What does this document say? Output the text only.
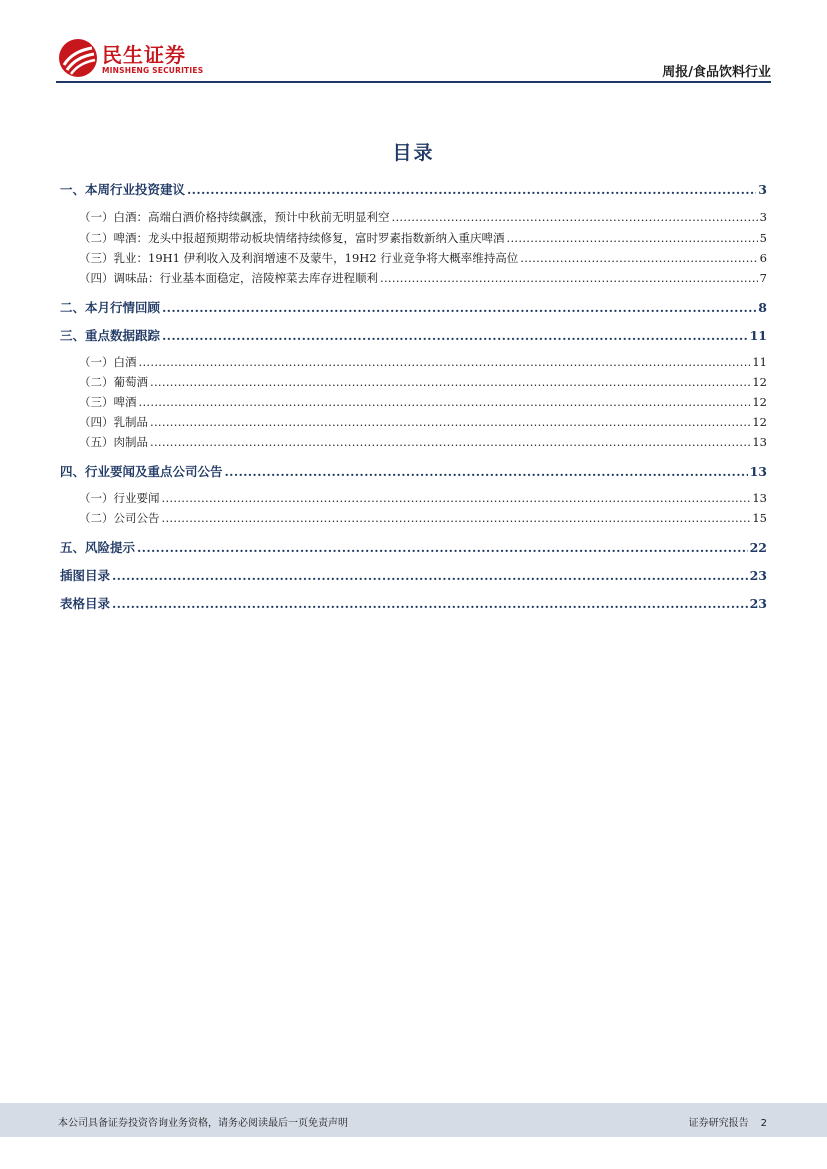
民生证券
MINSHENG SECURITIES	周报/食品饮料行业
目录
一、本周行业投资建议 .....	3
（一）白酒：高端白酒价格持续飙涨，预计中秋前无明显利空 .....	3
（二）啤酒：龙头中报超预期带动板块情绪持续修复，富时罗素指数新纳入重庆啤酒 .....	5
（三）乳业：19H1 伊利收入及利润增速不及蒙牛，19H2 行业竞争将大概率维持高位 .....	6
（四）调味品：行业基本面稳定，涪陵榨菜去库存进程顺利 .....	7
二、本月行情回顾 .....	8
三、重点数据跟踪 .....	11
（一）白酒 .....	11
（二）葡萄酒 .....	12
（三）啤酒 .....	12
（四）乳制品 .....	12
（五）肉制品 .....	13
四、行业要闻及重点公司公告 .....	13
（一）行业要闻 .....	13
（二）公司公告 .....	15
五、风险提示 .....	22
插图目录 .....	23
表格目录 .....	23
本公司具备证券投资咨询业务资格，请务必阅读最后一页免责声明	证券研究报告 2
